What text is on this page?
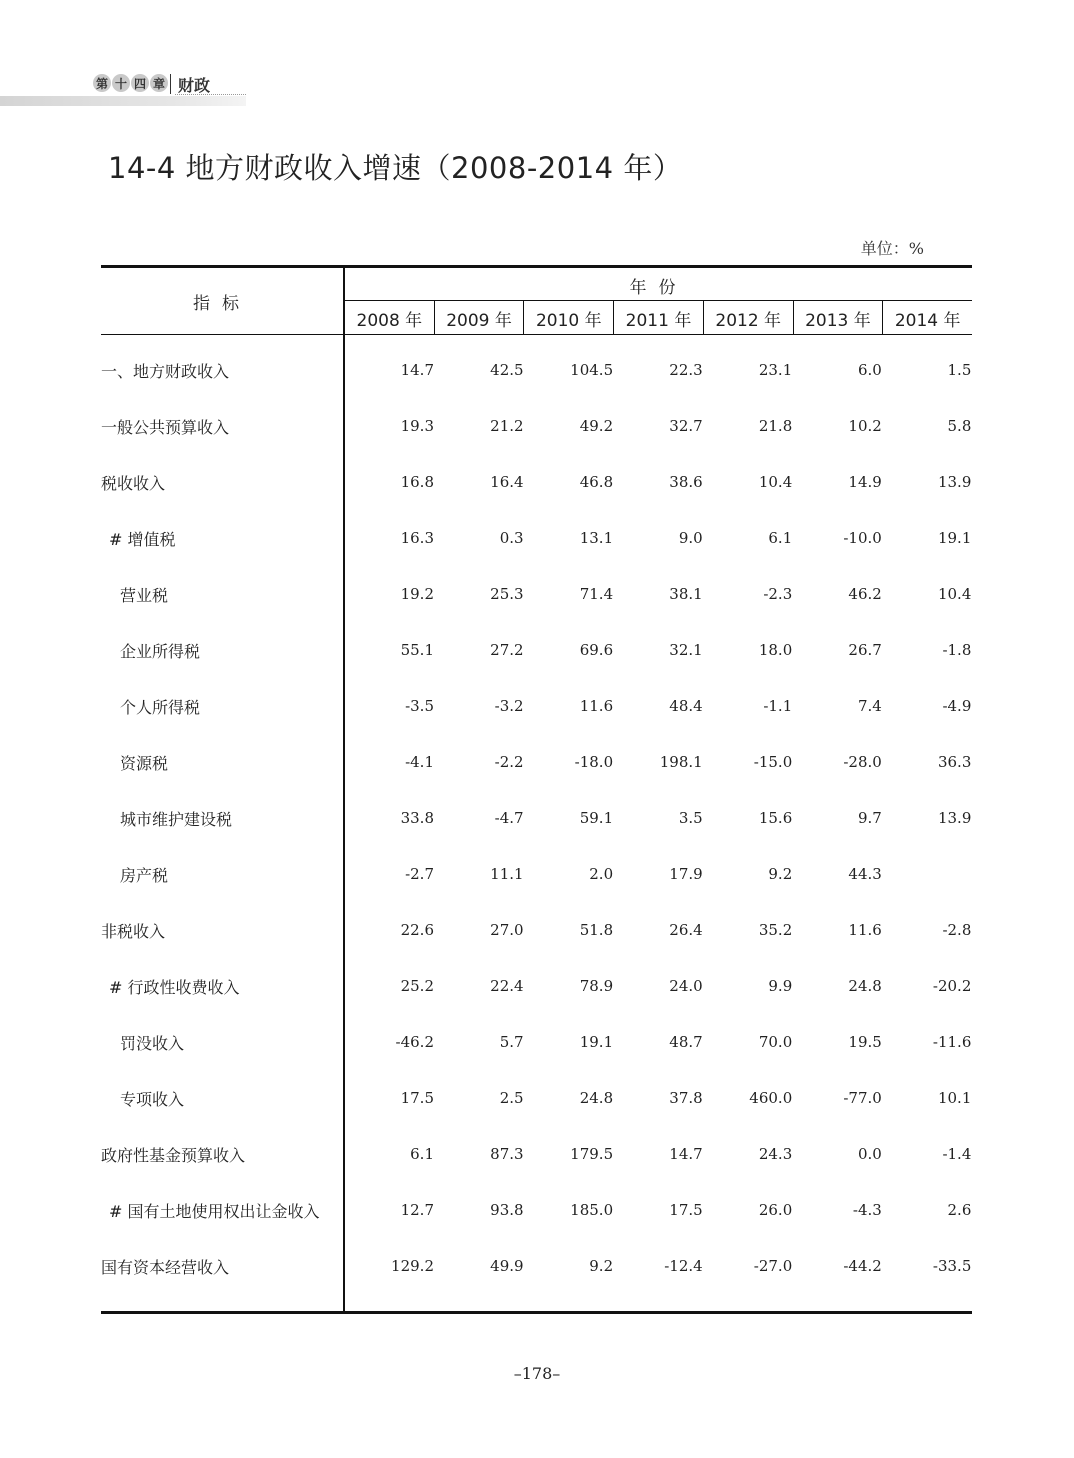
第 十 四 章 财政
14-4 地方财政收入增速（2008-2014 年）
单位：%
指标
年份
2008 年	2009 年	2010 年	2011 年	2012 年	2013 年	2014 年
一、地方财政收入	14.7	42.5	104.5	22.3	23.1	6.0	1.5
一般公共预算收入	19.3	21.2	49.2	32.7	21.8	10.2	5.8
税收收入	16.8	16.4	46.8	38.6	10.4	14.9	13.9
# 增值税	16.3	0.3	13.1	9.0	6.1	-10.0	19.1
营业税	19.2	25.3	71.4	38.1	-2.3	46.2	10.4
企业所得税	55.1	27.2	69.6	32.1	18.0	26.7	-1.8
个人所得税	-3.5	-3.2	11.6	48.4	-1.1	7.4	-4.9
资源税	-4.1	-2.2	-18.0	198.1	-15.0	-28.0	36.3
城市维护建设税	33.8	-4.7	59.1	3.5	15.6	9.7	13.9
房产税	-2.7	11.1	2.0	17.9	9.2	44.3
非税收入	22.6	27.0	51.8	26.4	35.2	11.6	-2.8
# 行政性收费收入	25.2	22.4	78.9	24.0	9.9	24.8	-20.2
罚没收入	-46.2	5.7	19.1	48.7	70.0	19.5	-11.6
专项收入	17.5	2.5	24.8	37.8	460.0	-77.0	10.1
政府性基金预算收入	6.1	87.3	179.5	14.7	24.3	0.0	-1.4
# 国有土地使用权出让金收入	12.7	93.8	185.0	17.5	26.0	-4.3	2.6
国有资本经营收入	129.2	49.9	9.2	-12.4	-27.0	-44.2	-33.5
–178–
